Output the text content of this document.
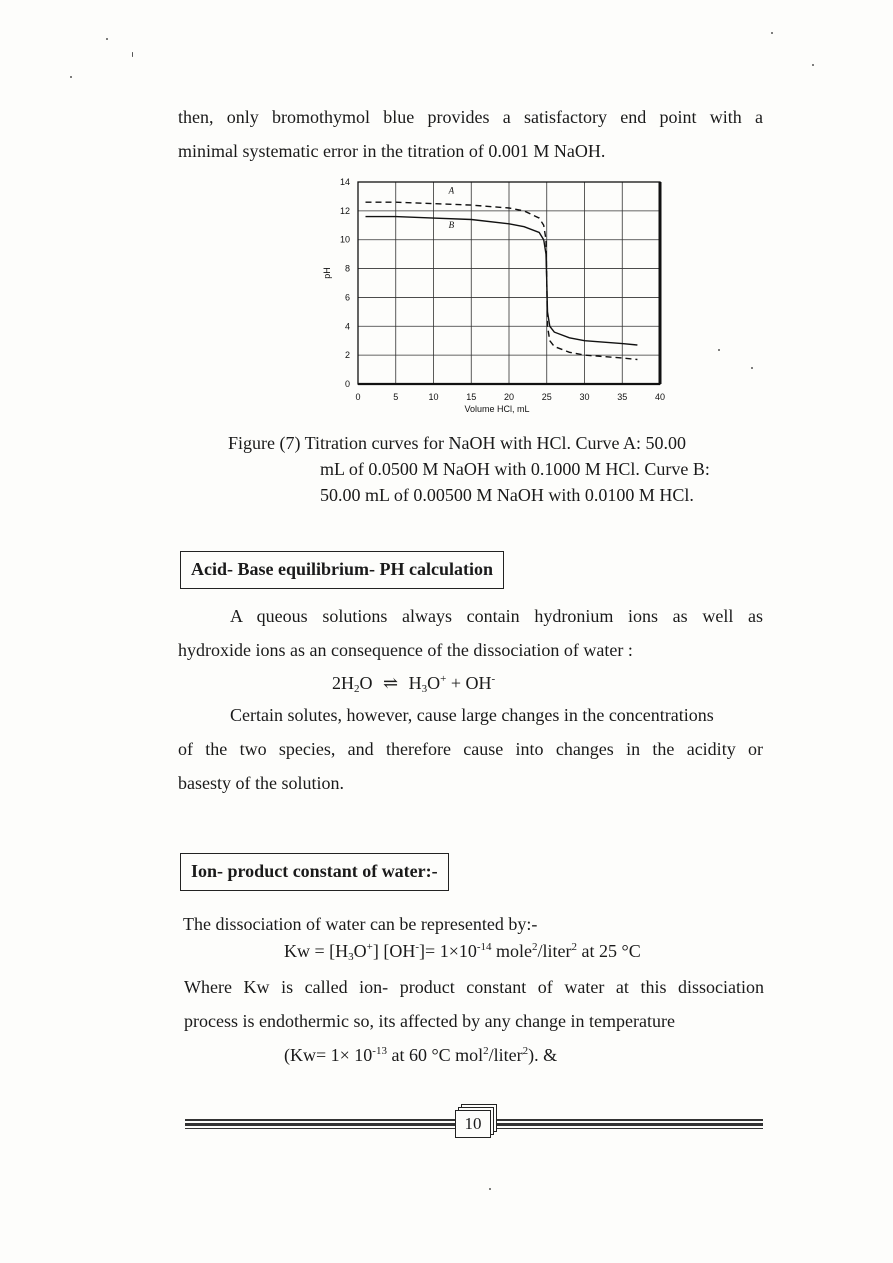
then, only bromothymol blue provides a satisfactory end point with a
minimal systematic error in the titration of 0.001 M NaOH.
0	5	10	15	20	25	30	35	40
0
2
4
6
8
10
12
14
Volume HCl, mL
pH
A
B
Figure (7) Titration curves for NaOH with HCl. Curve A: 50.00
mL of 0.0500 M NaOH with 0.1000 M HCl. Curve B:
50.00 mL of 0.00500 M NaOH with 0.0100 M HCl.
Acid- Base equilibrium- PH calculation
A queous solutions always contain hydronium ions as well as
hydroxide ions as an consequence of the dissociation of water :
$2H_2O$ ⇌ $H_3O^+ + OH^-$
Certain solutes, however, cause large changes in the concentrations
of the two species, and therefore cause into changes in the acidity or
basesty of the solution.
Ion- product constant of water:-
The dissociation of water can be represented by:-
$Kw = [H_3O^+]$ $[OH^-]= 1\times 10^{-14}$ mole$^2$/liter$^2$ at 25 °C
Where Kw is called ion- product constant of water at this dissociation
process is endothermic so, its affected by any change in temperature
($Kw= 1\times 10^{-13}$ at 60 °C mol$^2$/liter$^2$). &
10
